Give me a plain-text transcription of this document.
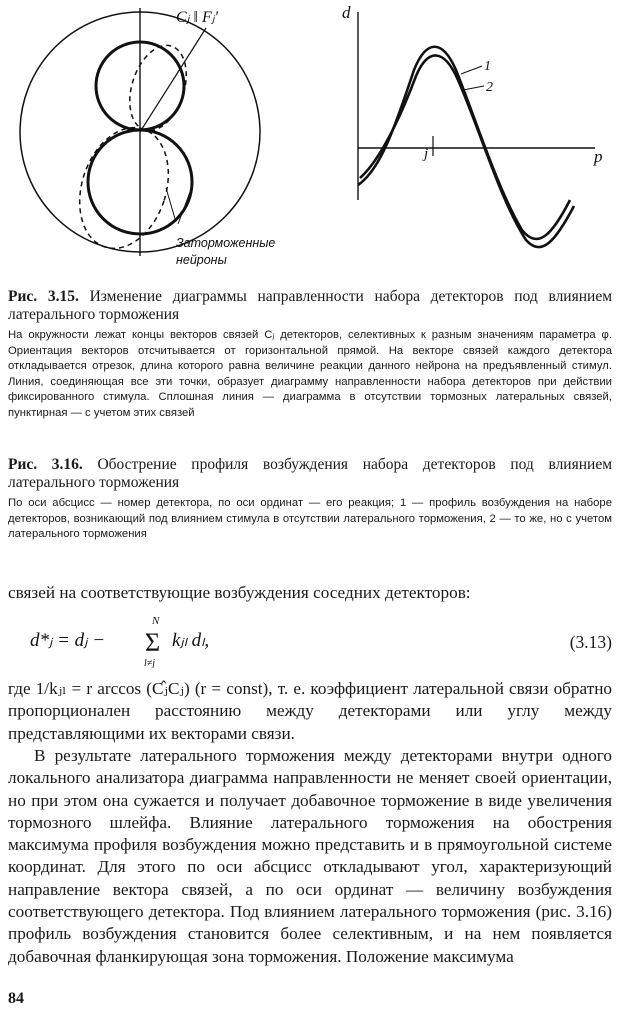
Cⱼ ‖ Fⱼ'
Заторможенные
нейроны
d
p
1
2
j
Рис. 3.15. Изменение диаграммы направленности набора детекторов под влиянием латерального торможения
На окружности лежат концы векторов связей Cⱼ детекторов, селективных к разным значениям параметра φ. Ориентация векторов отсчитывается от горизонтальной прямой. На векторе связей каждого детектора откладывается отрезок, длина которого равна величине реакции данного нейрона на предъявленный стимул. Линия, соединяющая все эти точки, образует диаграмму направленности набора детекторов при действии фиксированного стимула. Сплошная линия — диаграмма в отсутствии тормозных латеральных связей, пунктирная — с учетом этих связей
Рис. 3.16. Обострение профиля возбуждения набора детекторов под влиянием латерального торможения
По оси абсцисс — номер детектора, по оси ординат — его реакция; 1 — профиль возбуждения на наборе детекторов, возникающий под влиянием стимула в отсутствии латерального торможения, 2 — то же, но с учетом латерального торможения
связей на соответствующие возбуждения соседних детекторов:
d*ⱼ = dⱼ −
N
Σ
l≠j
kⱼₗ dₗ,	(3.13)
где 1/kⱼₗ = r arccos (Cⱼ̂Cⱼ) (r = const), т. е. коэффициент латеральной связи обратно пропорционален расстоянию между детекторами или углу между представляющими их векторами связи.
В результате латерального торможения между детекторами внутри одного локального анализатора диаграмма направленности не меняет своей ориентации, но при этом она сужается и получает добавочное торможение в виде увеличения тормозного шлейфа. Влияние латерального торможения на обострения максимума профиля возбуждения можно представить и в прямоугольной системе координат. Для этого по оси абсцисс откладывают угол, характеризующий направление вектора связей, а по оси ординат — величину возбуждения соответствующего детектора. Под влиянием латерального торможения (рис. 3.16) профиль возбуждения становится более селективным, и на нем появляется добавочная фланкирующая зона торможения. Положение максимума
84
